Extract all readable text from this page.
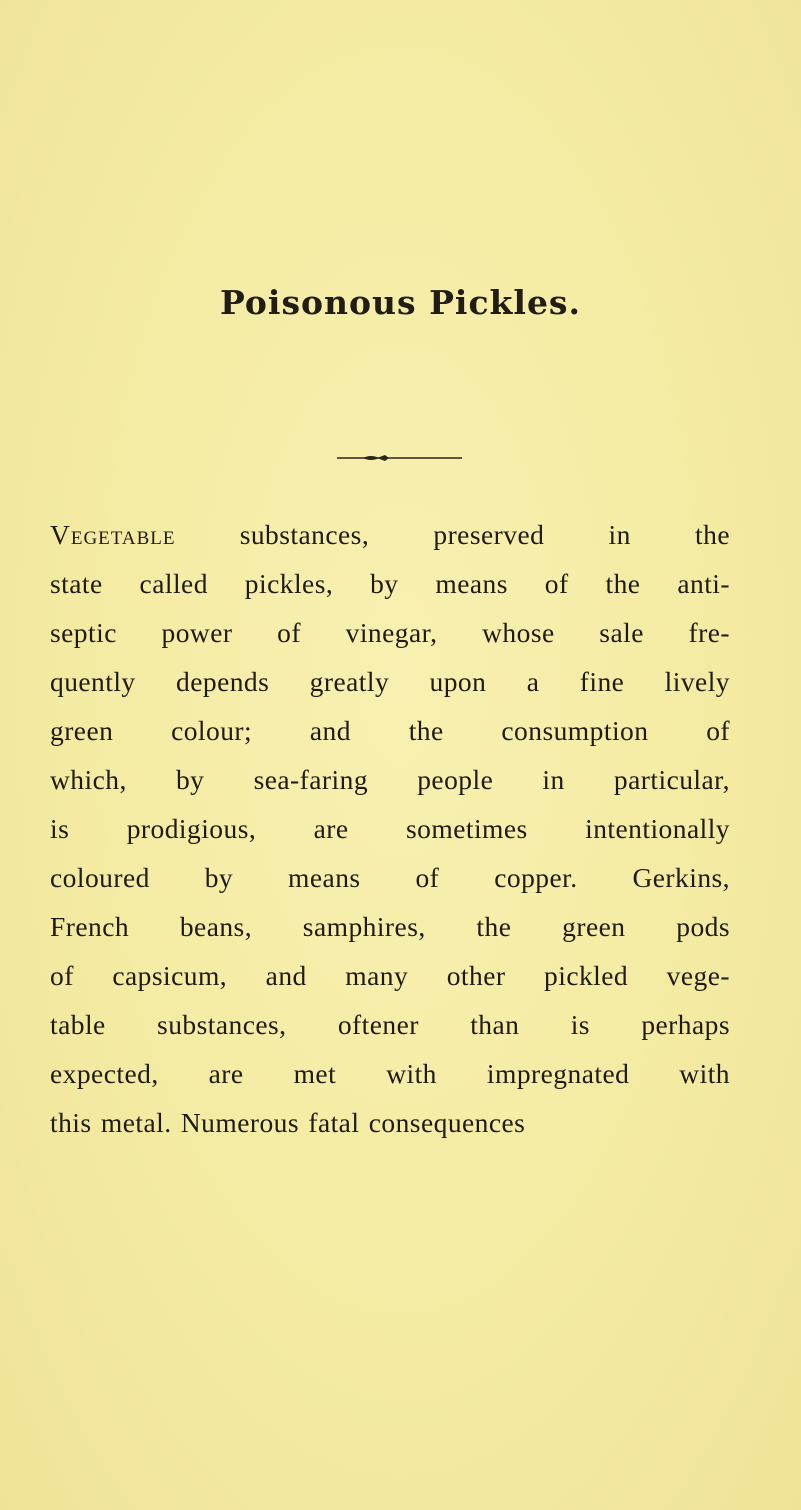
Poisonous Pickles.
Vegetable substances, preserved in the
state called pickles, by means of the anti-
septic power of vinegar, whose sale fre-
quently depends greatly upon a fine lively
green colour; and the consumption of
which, by sea-faring people in particular,
is prodigious, are sometimes intentionally
coloured by means of copper. Gerkins,
French beans, samphires, the green pods
of capsicum, and many other pickled vege-
table substances, oftener than is perhaps
expected, are met with impregnated with
this metal. Numerous fatal consequences
